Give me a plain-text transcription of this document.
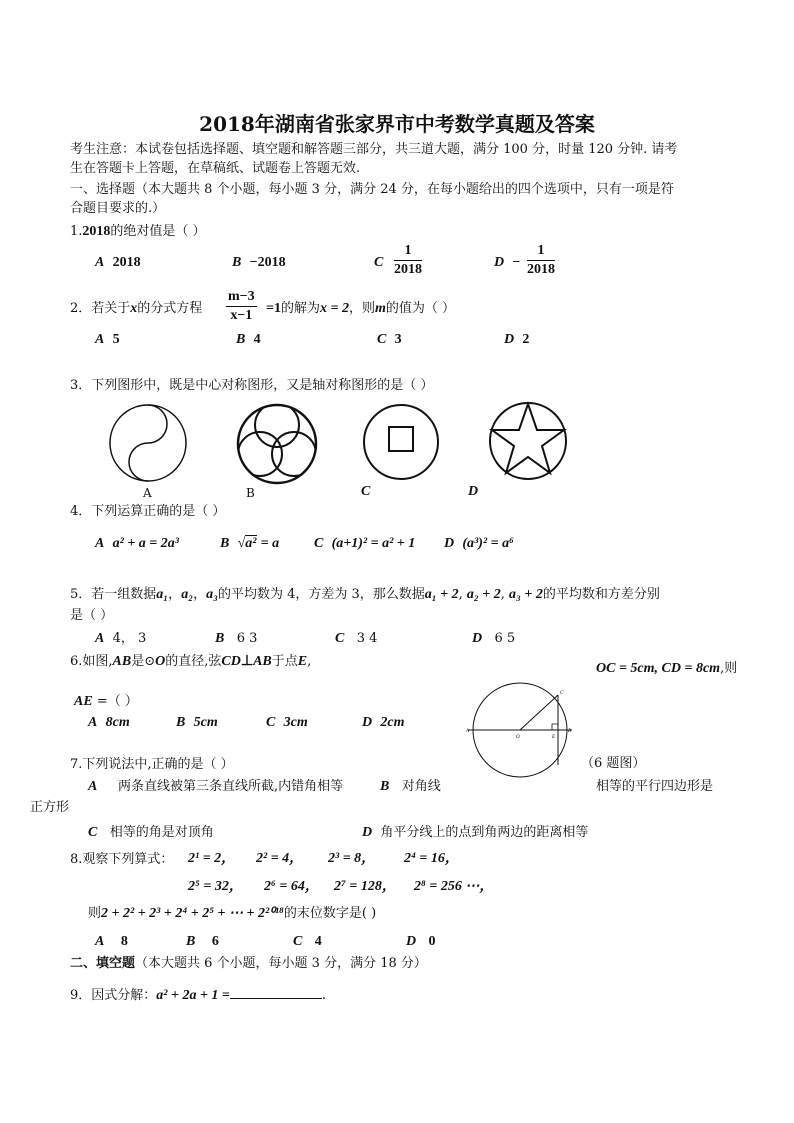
2018年湖南省张家界市中考数学真题及答案
考生注意：本试卷包括选择题、填空题和解答题三部分，共三道大题，满分 100 分，时量 120 分钟. 请考
生在答题卡上答题，在草稿纸、试题卷上答题无效.
一、选择题（本大题共 8 个小题，每小题 3 分，满分 24 分，在每小题给出的四个选项中，只有一项是符
合题目要求的.）
1.2018的绝对值是（ ）
A 2018	B −2018	C $\frac{1}{2018}$	$D - \frac{1}{2018}$
2．若关于x的分式方程 $\frac{m-3}{x-1} =1$的解为x = 2，则m的值为（ ）
A 5	B 4	C 3	D 2
3．下列图形中，既是中心对称图形，又是轴对称图形的是（ ）
A	B	C	D
4．下列运算正确的是（ ）
A a² + a = 2a³	B √a² = a C (a+1)² = a² + 1 D (a³)² = a⁶
5．若一组数据a₁，a₂，a₃的平均数为 4，方差为 3，那么数据a₁ + 2, a₂ + 2, a₃ + 2的平均数和方差分别
是（ ）
A 4， 3	B 6 3	C 3 4	D 6 5
6.如图,AB是⊙O的直径,弦CD⊥AB于点E,	OC = 5cm, CD = 8cm,则
AE =（ ）
A 8cm	B 5cm	C 3cm	D 2cm
A	B
C
O	E
（6 题图）
7.下列说法中,正确的是（ ）
A 两条直线被第三条直线所截,内错角相等	B 对角线	相等的平行四边形是
正方形
C 相等的角是对顶角	D 角平分线上的点到角两边的距离相等
8.观察下列算式： 2¹ = 2， 2² = 4， 2³ = 8， 2⁴ = 16，
2⁵ = 32， 2⁶ = 64， 2⁷ = 128， 2⁸ = 256 ⋯，
则2 + 2² + 2³ + 2⁴ + 2⁵ + ⋯ + 2²⁰¹⁸的末位数字是( )
A 8	B 6	C 4	D 0
二、填空题（本大题共 6 个小题，每小题 3 分，满分 18 分）
9．因式分解：a² + 2a + 1 =	.
